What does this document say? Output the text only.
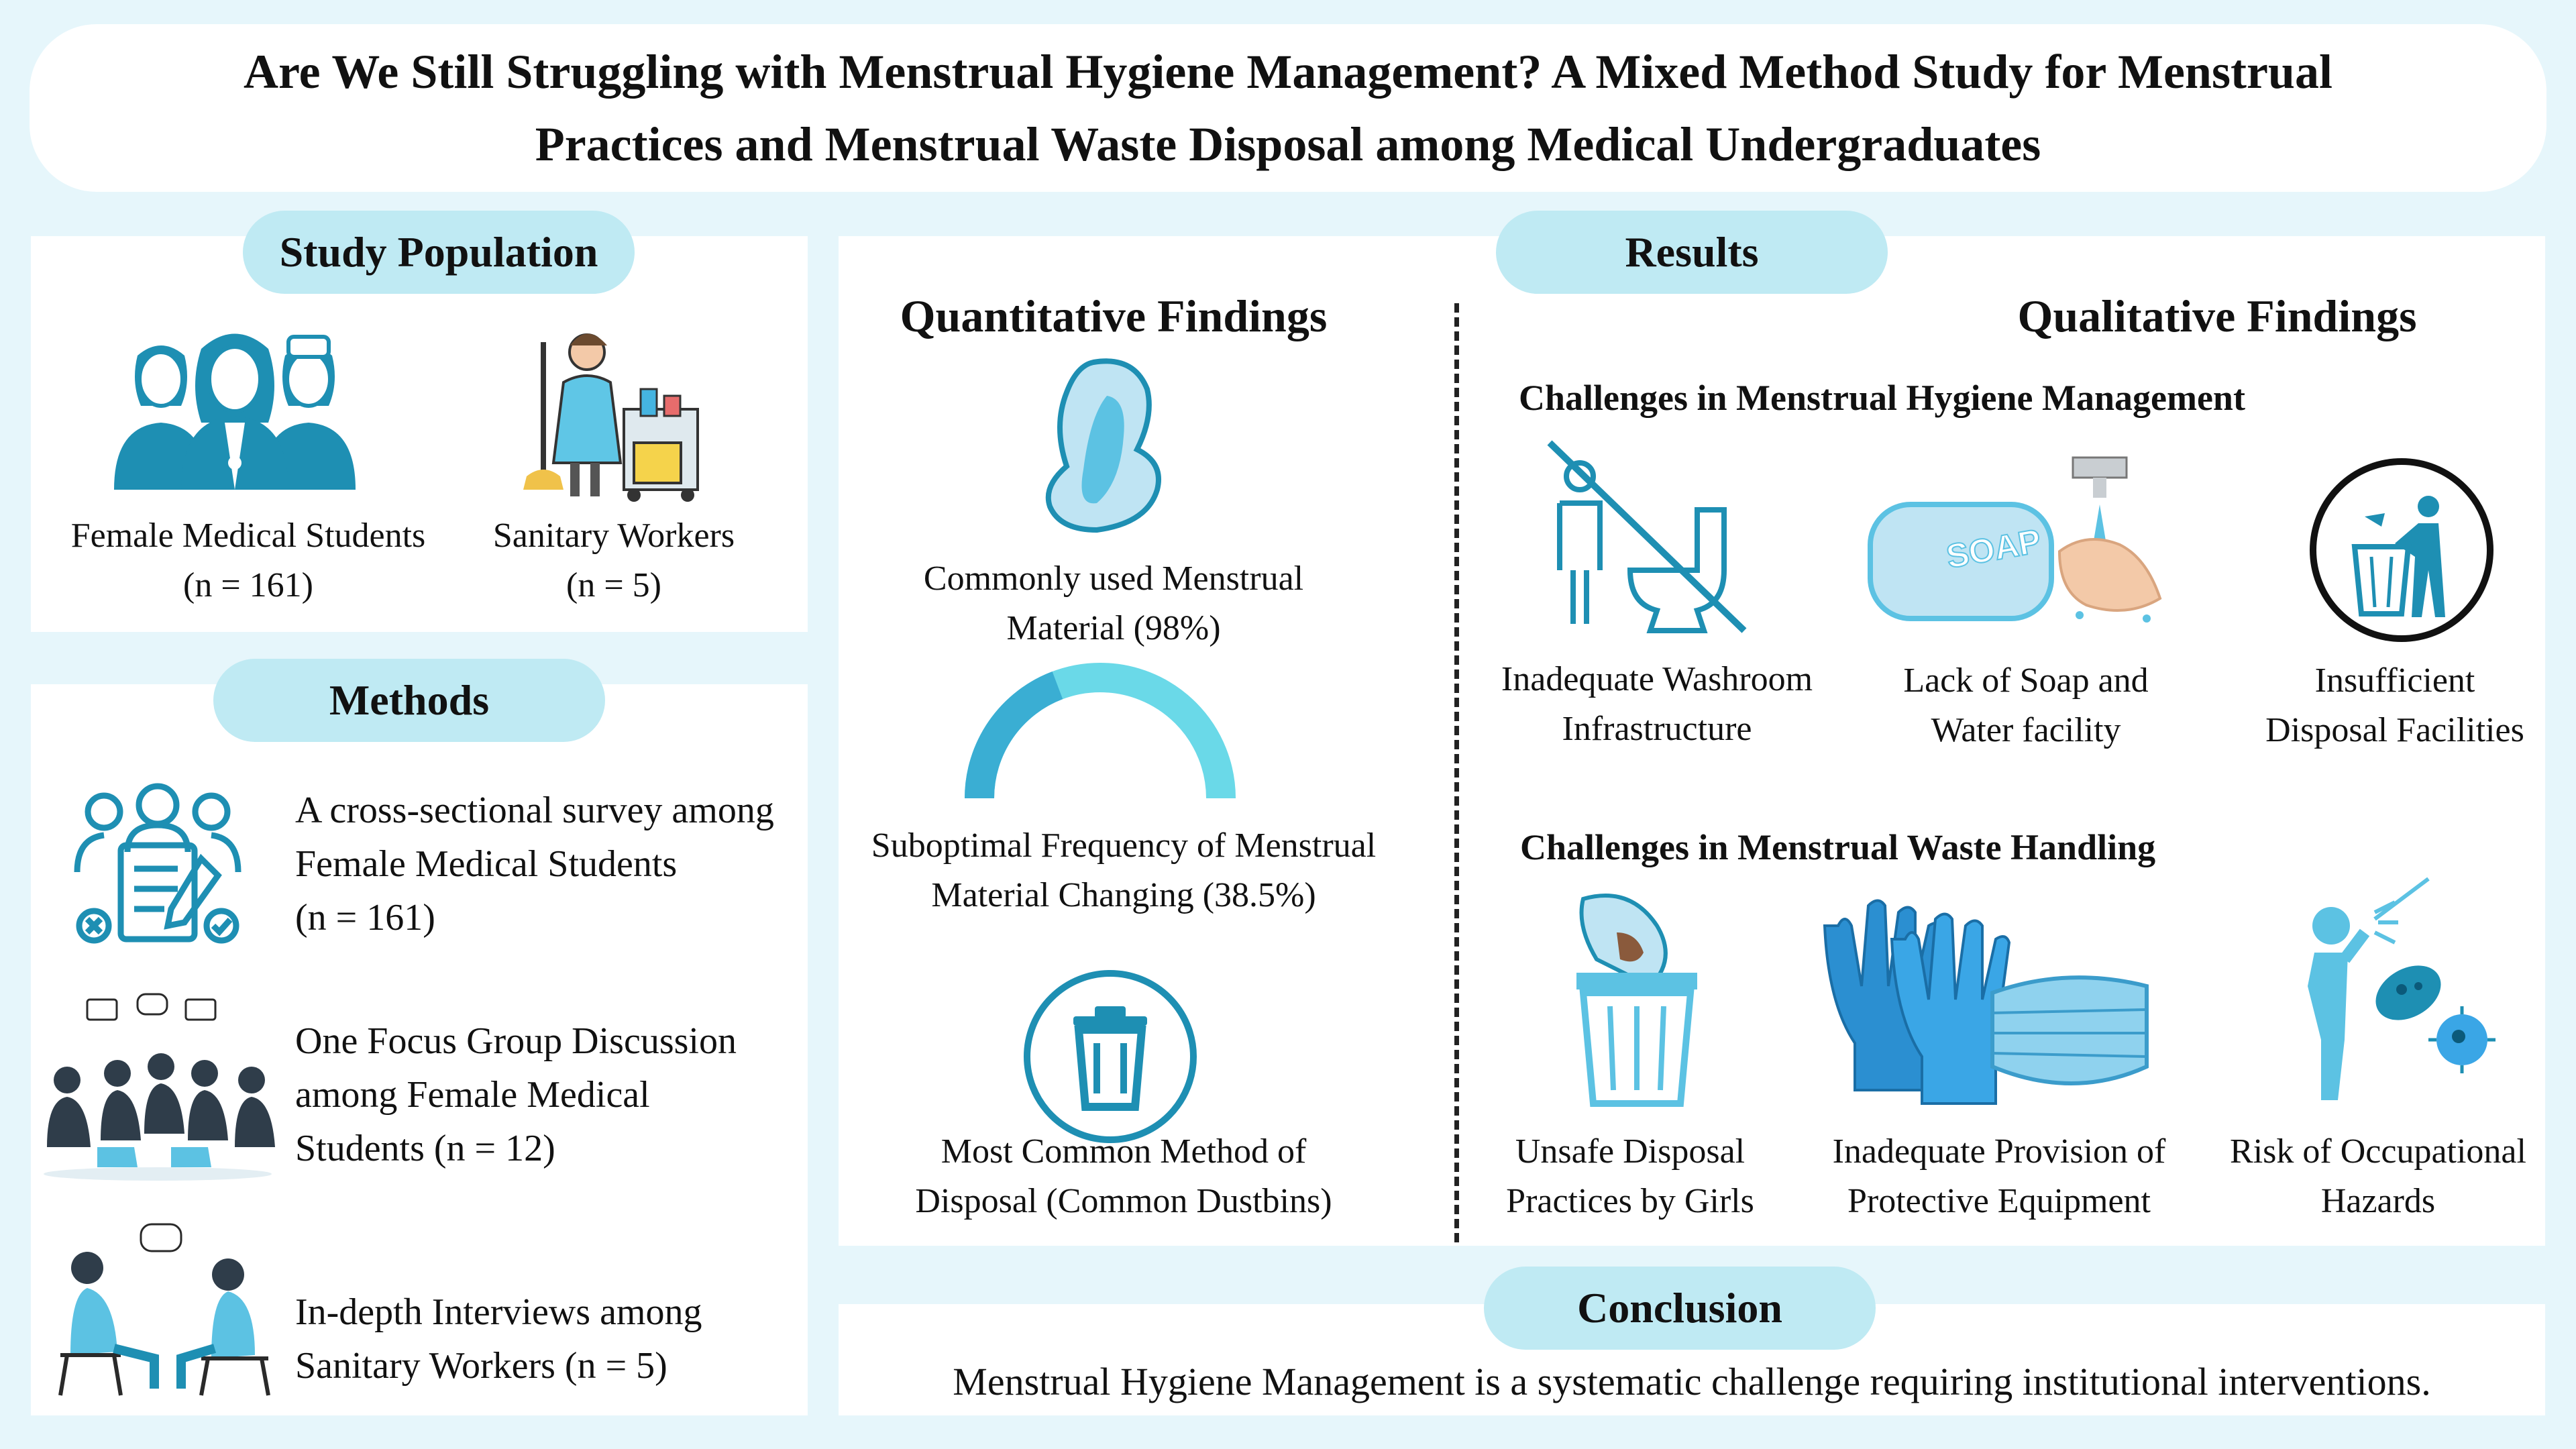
Are We Still Struggling with Menstrual Hygiene Management? A Mixed Method Study for Menstrual
Practices and Menstrual Waste Disposal among Medical Undergraduates
Study Population
Female Medical Students
(n = 161)
Sanitary Workers
(n = 5)
Methods
A cross-sectional survey among
Female Medical Students
(n = 161)
One Focus Group Discussion
among Female Medical
Students (n = 12)
In-depth Interviews among
Sanitary Workers (n = 5)
Results
Quantitative Findings
Commonly used Menstrual
Material (98%)
Suboptimal Frequency of Menstrual
Material Changing (38.5%)
Most Common Method of
Disposal (Common Dustbins)
Qualitative Findings
Challenges in Menstrual Hygiene Management
Inadequate Washroom
Infrastructure
SOAP
Lack of Soap and
Water facility
Insufficient
Disposal Facilities
Challenges in Menstrual Waste Handling
Unsafe Disposal
Practices by Girls
Inadequate Provision of
Protective Equipment
Risk of Occupational
Hazards
Conclusion
Menstrual Hygiene Management is a systematic challenge requiring institutional interventions.
